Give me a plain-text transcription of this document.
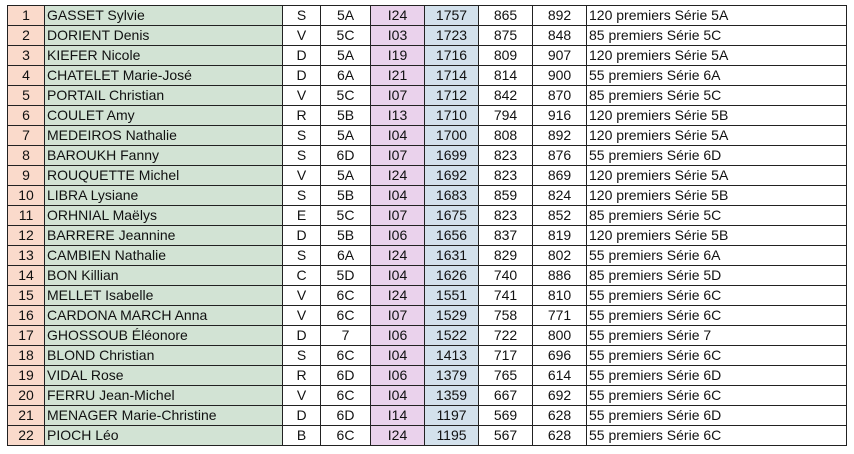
1	GASSET Sylvie	S	5A	I24	1757	865	892	120 premiers Série 5A
2	DORIENT Denis	V	5C	I03	1723	875	848	85 premiers Série 5C
3	KIEFER Nicole	D	5A	I19	1716	809	907	120 premiers Série 5A
4	CHATELET Marie-José	D	6A	I21	1714	814	900	55 premiers Série 6A
5	PORTAIL Christian	V	5C	I07	1712	842	870	85 premiers Série 5C
6	COULET Amy	R	5B	I13	1710	794	916	120 premiers Série 5B
7	MEDEIROS Nathalie	S	5A	I04	1700	808	892	120 premiers Série 5A
8	BAROUKH Fanny	S	6D	I07	1699	823	876	55 premiers Série 6D
9	ROUQUETTE Michel	V	5A	I24	1692	823	869	120 premiers Série 5A
10	LIBRA Lysiane	S	5B	I04	1683	859	824	120 premiers Série 5B
11	ORHNIAL Maëlys	E	5C	I07	1675	823	852	85 premiers Série 5C
12	BARRERE Jeannine	D	5B	I06	1656	837	819	120 premiers Série 5B
13	CAMBIEN Nathalie	S	6A	I24	1631	829	802	55 premiers Série 6A
14	BON Killian	C	5D	I04	1626	740	886	85 premiers Série 5D
15	MELLET Isabelle	V	6C	I24	1551	741	810	55 premiers Série 6C
16	CARDONA MARCH Anna	V	6C	I07	1529	758	771	55 premiers Série 6C
17	GHOSSOUB Éléonore	D	7	I06	1522	722	800	55 premiers Série 7
18	BLOND Christian	S	6C	I04	1413	717	696	55 premiers Série 6C
19	VIDAL Rose	R	6D	I06	1379	765	614	55 premiers Série 6D
20	FERRU Jean-Michel	V	6C	I04	1359	667	692	55 premiers Série 6C
21	MENAGER Marie-Christine	D	6D	I14	1197	569	628	55 premiers Série 6D
22	PIOCH Léo	B	6C	I24	1195	567	628	55 premiers Série 6C
